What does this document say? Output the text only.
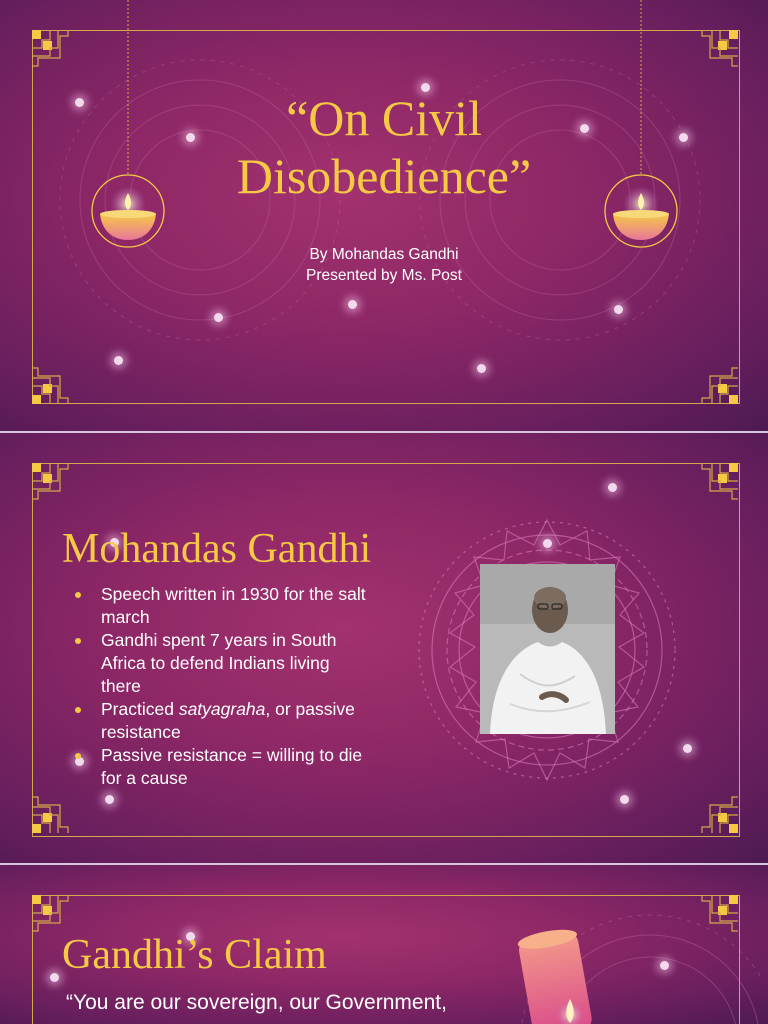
“On Civil
Disobedience”
By Mohandas Gandhi
Presented by Ms. Post
Mohandas Gandhi
Speech written in 1930 for the salt march
Gandhi spent 7 years in South Africa to defend Indians living there
Practiced satyagraha, or passive resistance
Passive resistance = willing to die for a cause
Gandhi’s Claim
“You are our sovereign, our Government,
